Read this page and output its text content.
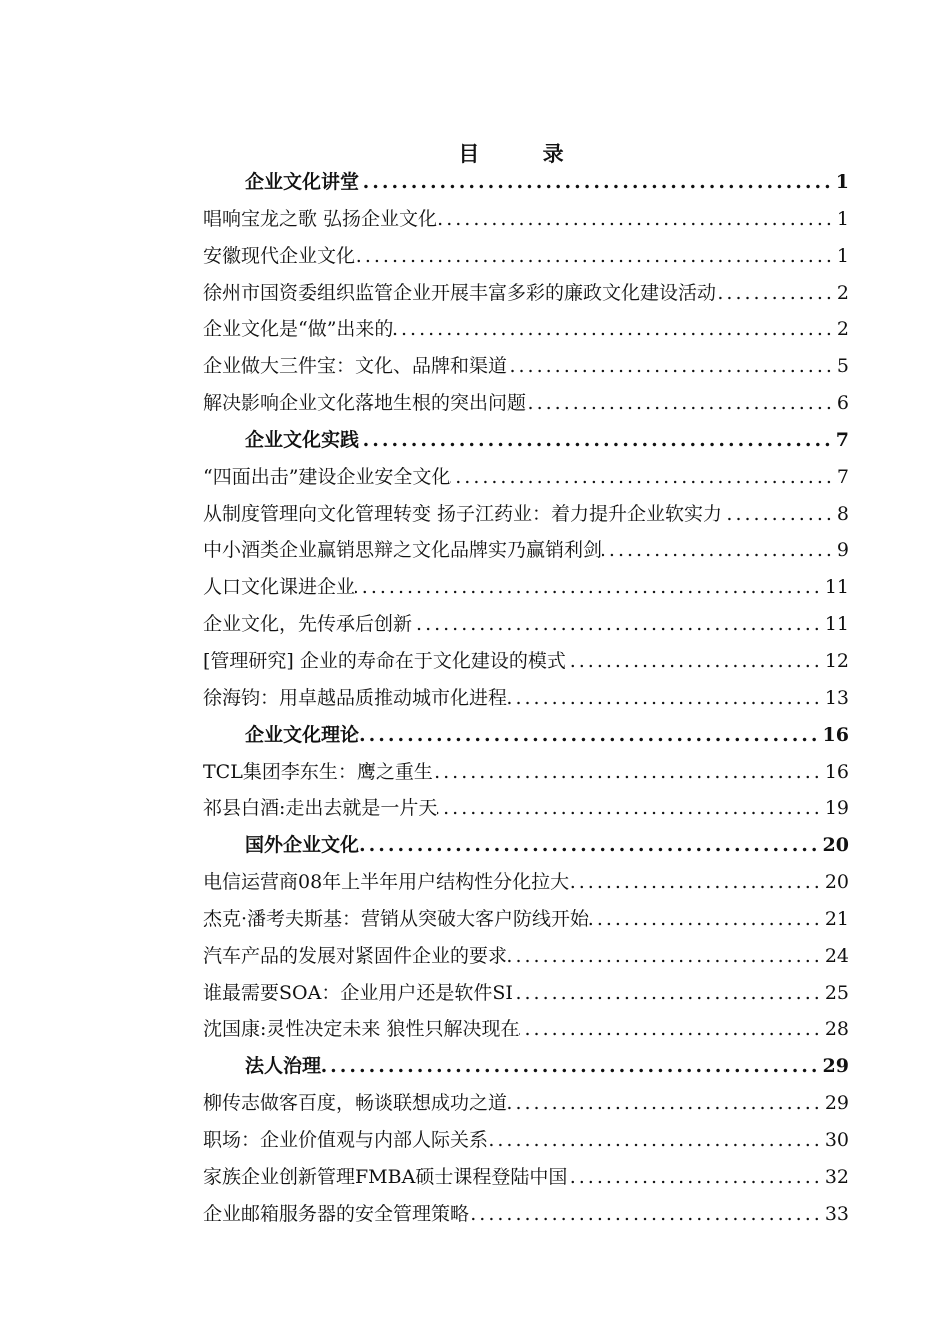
目 录
企业文化讲堂 .....	1
唱响宝龙之歌 弘扬企业文化 .....	1
安徽现代企业文化 .....	1
徐州市国资委组织监管企业开展丰富多彩的廉政文化建设活动 .....	2
企业文化是“做”出来的 .....	2
企业做大三件宝：文化、品牌和渠道 .....	5
解决影响企业文化落地生根的突出问题 .....	6
企业文化实践 .....	7
“四面出击”建设企业安全文化 .....	7
从制度管理向文化管理转变 扬子江药业：着力提升企业软实力 .....	8
中小酒类企业赢销思辩之文化品牌实乃赢销利剑 .....	9
人口文化课进企业 .....	11
企业文化，先传承后创新 .....	11
[管理研究] 企业的寿命在于文化建设的模式 .....	12
徐海钧：用卓越品质推动城市化进程 .....	13
企业文化理论 .....	16
TCL集团李东生：鹰之重生 .....	16
祁县白酒:走出去就是一片天 .....	19
国外企业文化 .....	20
电信运营商08年上半年用户结构性分化拉大 .....	20
杰克·潘考夫斯基：营销从突破大客户防线开始 .....	21
汽车产品的发展对紧固件企业的要求 .....	24
谁最需要SOA：企业用户还是软件SI .....	25
沈国康:灵性决定未来 狼性只解决现在 .....	28
法人治理 .....	29
柳传志做客百度，畅谈联想成功之道 .....	29
职场：企业价值观与内部人际关系 .....	30
家族企业创新管理FMBA硕士课程登陆中国 .....	32
企业邮箱服务器的安全管理策略 .....	33
